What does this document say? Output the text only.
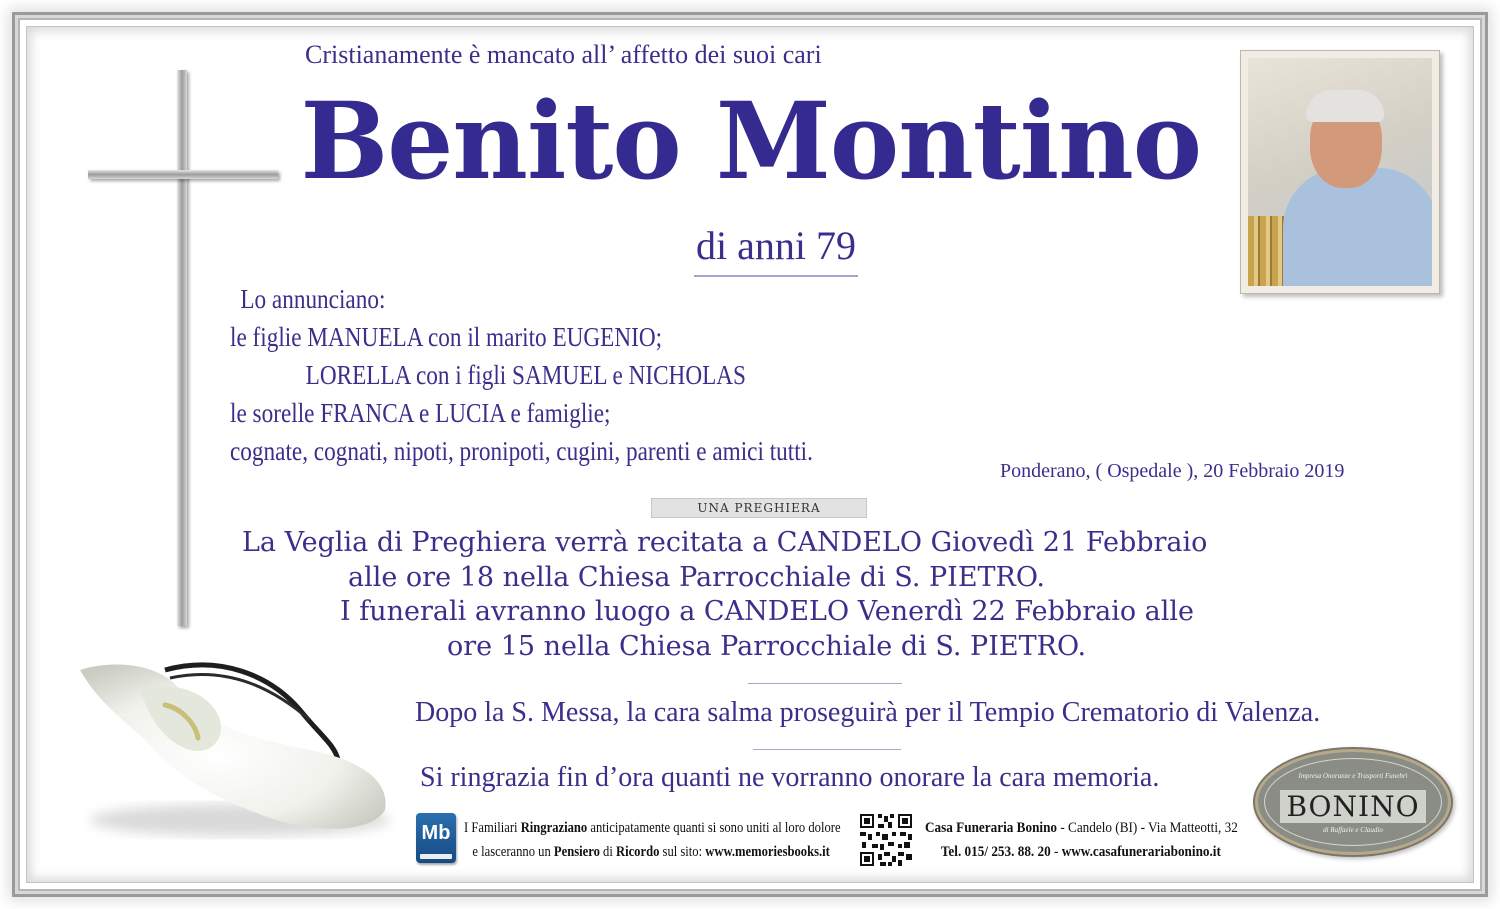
Cristianamente è mancato all’ affetto dei suoi cari
Benito Montino
di anni 79
Lo annunciano:
le figlie MANUELA con il marito EUGENIO;
LORELLA con i figli SAMUEL e NICHOLAS
le sorelle FRANCA e LUCIA e famiglie;
cognate, cognati, nipoti, pronipoti, cugini, parenti e amici tutti.
Ponderano, ( Ospedale ), 20 Febbraio 2019
UNA PREGHIERA
La Veglia di Preghiera verrà recitata a CANDELO Giovedì 21 Febbraio
alle ore 18 nella Chiesa Parrocchiale di S. PIETRO.
I funerali avranno luogo a CANDELO Venerdì 22 Febbraio alle
ore 15 nella Chiesa Parrocchiale di S. PIETRO.
Dopo la S. Messa, la cara salma proseguirà per il Tempio Crematorio di Valenza.
Si ringrazia fin d’ora quanti ne vorranno onorare la cara memoria.	Impresa Onoranze e Trasporti Funebri
BONINO
di Raffaele e Claudio
Mb I Familiari Ringraziano anticipatamente quanti si sono uniti al loro dolore
e lasceranno un Pensiero di Ricordo sul sito: www.memoriesbooks.it
Casa Funeraria Bonino - Candelo (BI) - Via Matteotti, 32
Tel. 015/ 253. 88. 20 - www.casafunerariabonino.it
